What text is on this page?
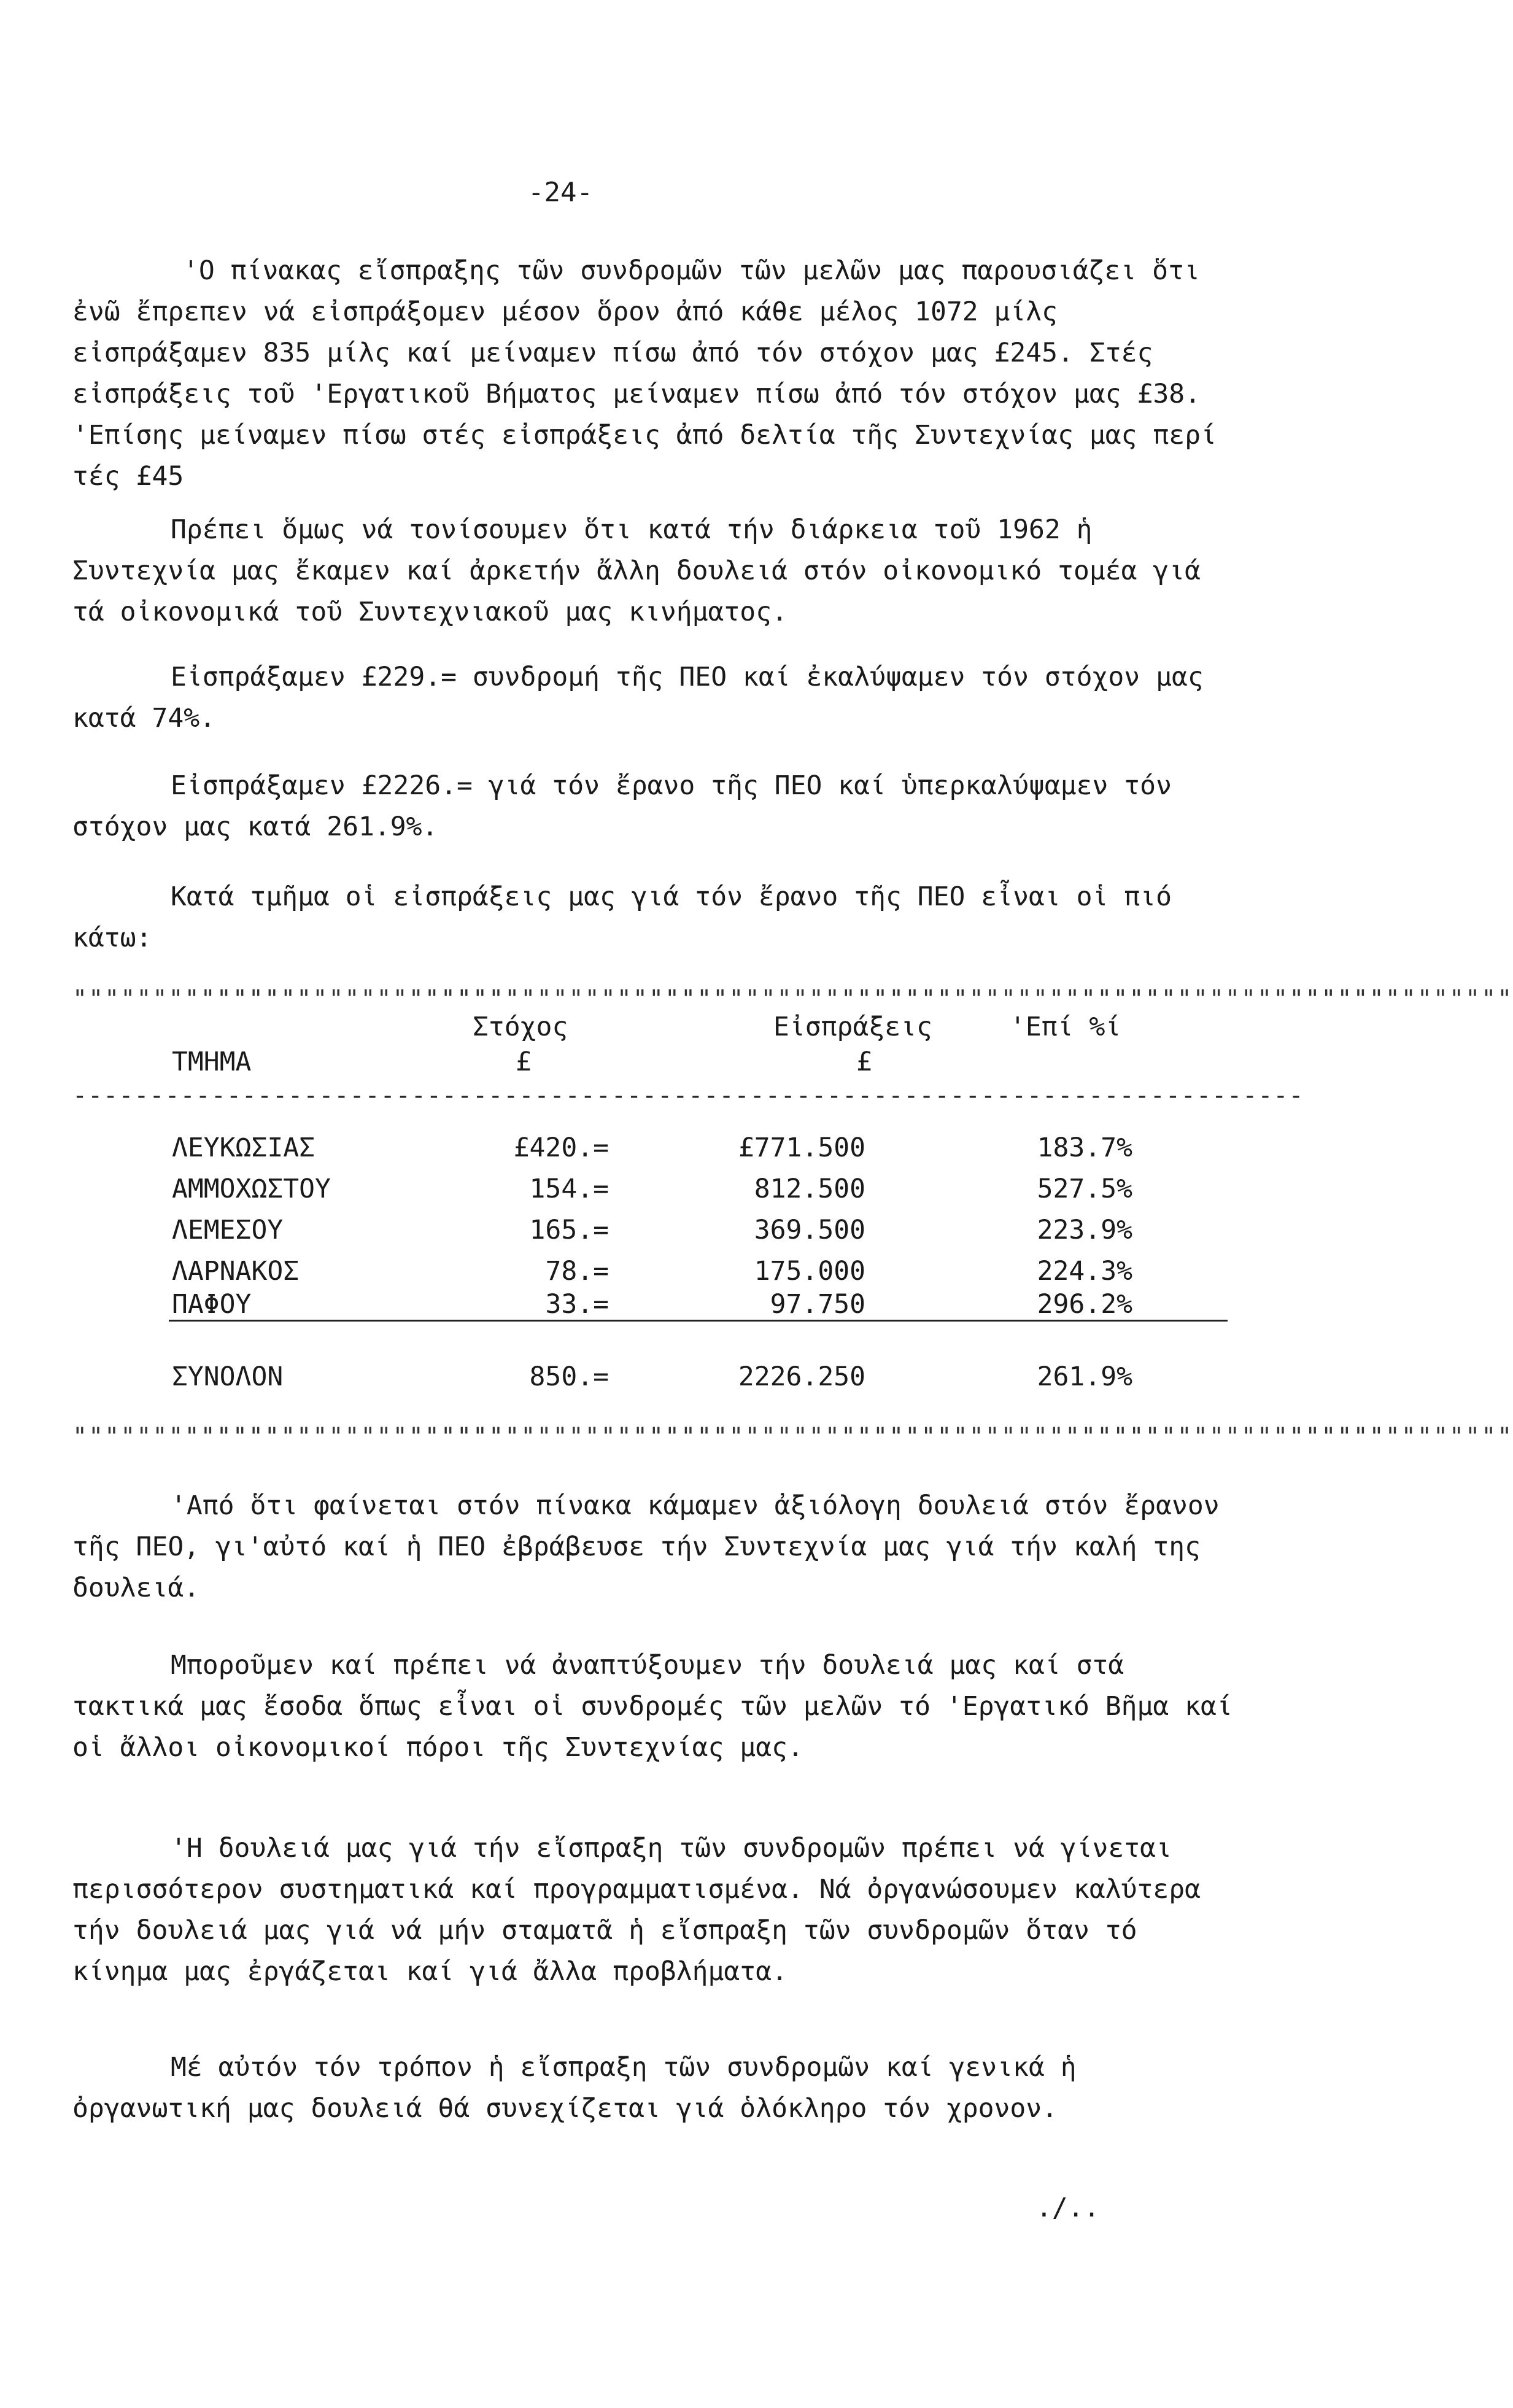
-24-

'Ο πίνακας εἴσπραξης τῶν συνδρομῶν τῶν μελῶν μας παρουσιάζει ὅτι ἐνῶ ἔπρεπεν νά εἰσπράξομεν μέσον ὅρον ἀπό κάθε μέλος 1072 μίλς εἰσπράξαμεν 835 μίλς καί μείναμεν πίσω ἀπό τόν στόχον μας £245. Στές εἰσπράξεις τοῦ 'Εργατικοῦ Βήματος μείναμεν πίσω ἀπό τόν στόχον μας £38. 'Επίσης μείναμεν πίσω στές εἰσπράξεις ἀπό δελτία τῆς Συντεχνίας μας περί τές £45

Πρέπει ὅμως νά τονίσουμεν ὅτι κατά τήν διάρκεια τοῦ 1962 ἡ Συντεχνία μας ἔκαμεν καί ἀρκετήν ἄλλη δουλειά στόν οἰκονομικό τομέα γιά τά οἰκονομικά τοῦ Συντεχνιακοῦ μας κινήματος.

Εἰσπράξαμεν £229.= συνδρομή τῆς ΠΕΟ καί ἐκαλύψαμεν τόν στόχον μας κατά 74%.

Εἰσπράξαμεν £2226.= γιά τόν ἔρανο τῆς ΠΕΟ καί ὑπερκαλύψαμεν τόν στόχον μας κατά 261.9%.

Κατά τμῆμα οἱ εἰσπράξεις μας γιά τόν ἔρανο τῆς ΠΕΟ εἶναι οἱ πιό κάτω:

""""""""""""""""""""""""""""""""""""""""""""""""""""""""""""""""""""""""""""""""""""""""""
Στόχος	Εἰσπράξεις	'Επί %ί
ΤΜΗΜΑ	£	£
--------------------------------------------------------------------------------
ΛΕΥΚΩΣΙΑΣ	£420.=	£771.500	183.7%
ΑΜΜΟΧΩΣΤΟΥ	154.=	812.500	527.5%
ΛΕΜΕΣΟΥ	165.=	369.500	223.9%
ΛΑΡΝΑΚΟΣ	78.=	175.000	224.3%
ΠΑΦΟΥ	33.=	97.750	296.2%
ΣΥΝΟΛΟΝ	850.=	2226.250	261.9%
""""""""""""""""""""""""""""""""""""""""""""""""""""""""""""""""""""""""""""""""""""""""""

'Από ὅτι φαίνεται στόν πίνακα κάμαμεν ἀξιόλογη δουλειά στόν ἔρανον τῆς ΠΕΟ, γι'αὐτό καί ἡ ΠΕΟ ἐβράβευσε τήν Συντεχνία μας γιά τήν καλή της δουλειά.

Μποροῦμεν καί πρέπει νά ἀναπτύξουμεν τήν δουλειά μας καί στά τακτικά μας ἔσοδα ὅπως εἶναι οἱ συνδρομές τῶν μελῶν τό 'Εργατικό Βῆμα καί οἱ ἄλλοι οἰκονομικοί πόροι τῆς Συντεχνίας μας.

'Η δουλειά μας γιά τήν εἴσπραξη τῶν συνδρομῶν πρέπει νά γίνεται περισσότερον συστηματικά καί προγραμματισμένα. Νά ὀργανώσουμεν καλύτερα τήν δουλειά μας γιά νά μήν σταματᾶ ἡ εἴσπραξη τῶν συνδρομῶν ὅταν τό κίνημα μας ἐργάζεται καί γιά ἄλλα προβλήματα.

Μέ αὐτόν τόν τρόπον ἡ εἴσπραξη τῶν συνδρομῶν καί γενικά ἡ ὀργανωτική μας δουλειά θά συνεχίζεται γιά ὁλόκληρο τόν χρονον.

./..
